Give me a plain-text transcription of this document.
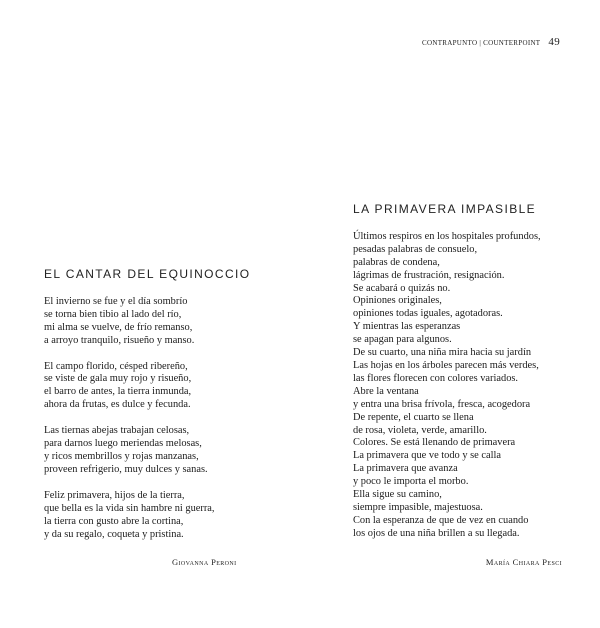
CONTRAPUNTO | COUNTERPOINT 49
EL CANTAR DEL EQUINOCCIO
El invierno se fue y el día sombrío
se torna bien tibio al lado del río,
mi alma se vuelve, de frío remanso,
a arroyo tranquilo, risueño y manso.
El campo florido, césped ribereño,
se viste de gala muy rojo y risueño,
el barro de antes, la tierra inmunda,
ahora da frutas, es dulce y fecunda.
Las tiernas abejas trabajan celosas,
para darnos luego meriendas melosas,
y ricos membrillos y rojas manzanas,
proveen refrigerio, muy dulces y sanas.
Feliz primavera, hijos de la tierra,
que bella es la vida sin hambre ni guerra,
la tierra con gusto abre la cortina,
y da su regalo, coqueta y pristina.
Giovanna Peroni
LA PRIMAVERA IMPASIBLE
Últimos respiros en los hospitales profundos,
pesadas palabras de consuelo,
palabras de condena,
lágrimas de frustración, resignación.
Se acabará o quizás no.
Opiniones originales,
opiniones todas iguales, agotadoras.
Y mientras las esperanzas
se apagan para algunos.
De su cuarto, una niña mira hacia su jardín
Las hojas en los árboles parecen más verdes,
las flores florecen con colores variados.
Abre la ventana
y entra una brisa frívola, fresca, acogedora
De repente, el cuarto se llena
de rosa, violeta, verde, amarillo.
Colores. Se está llenando de primavera
La primavera que ve todo y se calla
La primavera que avanza
y poco le importa el morbo.
Ella sigue su camino,
siempre impasible, majestuosa.
Con la esperanza de que de vez en cuando
los ojos de una niña brillen a su llegada.
María Chiara Pesci
